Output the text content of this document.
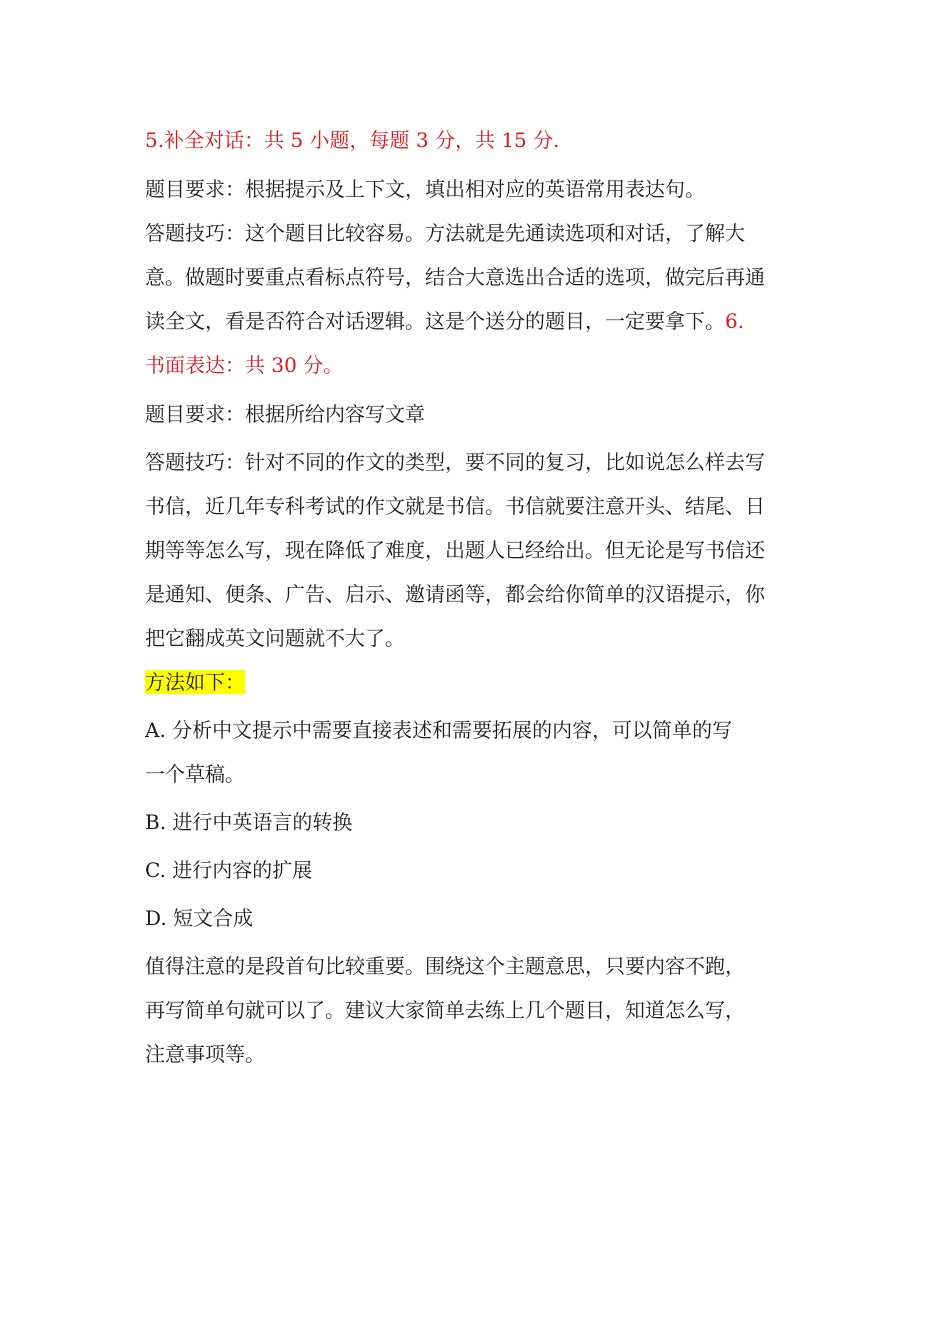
5.补全对话：共 5 小题，每题 3 分，共 15 分.
题目要求：根据提示及上下文，填出相对应的英语常用表达句。
答题技巧：这个题目比较容易。方法就是先通读选项和对话，了解大
意。做题时要重点看标点符号，结合大意选出合适的选项，做完后再通
读全文，看是否符合对话逻辑。这是个送分的题目，一定要拿下。6.
书面表达：共 30 分。
题目要求：根据所给内容写文章
答题技巧：针对不同的作文的类型，要不同的复习，比如说怎么样去写
书信，近几年专科考试的作文就是书信。书信就要注意开头、结尾、日
期等等怎么写，现在降低了难度，出题人已经给出。但无论是写书信还
是通知、便条、广告、启示、邀请函等，都会给你简单的汉语提示，你
把它翻成英文问题就不大了。
方法如下：
A. 分析中文提示中需要直接表述和需要拓展的内容，可以简单的写
一个草稿。
B. 进行中英语言的转换
C. 进行内容的扩展
D. 短文合成
值得注意的是段首句比较重要。围绕这个主题意思，只要内容不跑，
再写简单句就可以了。建议大家简单去练上几个题目，知道怎么写，
注意事项等。
